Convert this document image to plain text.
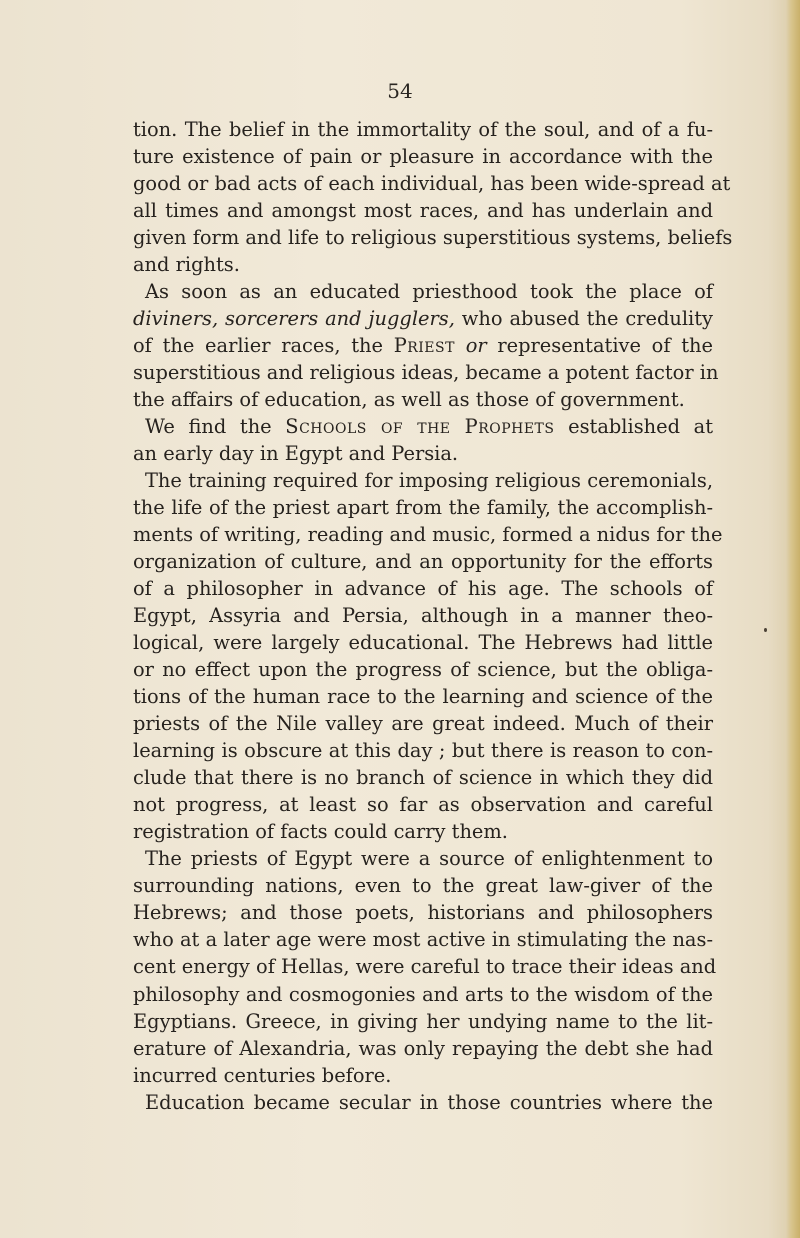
54
tion. The belief in the immortality of the soul, and of a fu-
ture existence of pain or pleasure in accordance with the
good or bad acts of each individual, has been wide-spread at
all times and amongst most races, and has underlain and
given form and life to religious superstitious systems, beliefs
and rights.
As soon as an educated priesthood took the place of
diviners, sorcerers and jugglers, who abused the credulity
of the earlier races, the Priest or representative of the
superstitious and religious ideas, became a potent factor in
the affairs of education, as well as those of government.
We find the Schools of the Prophets established at
an early day in Egypt and Persia.
The training required for imposing religious ceremonials,
the life of the priest apart from the family, the accomplish-
ments of writing, reading and music, formed a nidus for the
organization of culture, and an opportunity for the efforts
of a philosopher in advance of his age. The schools of
Egypt, Assyria and Persia, although in a manner theo-
logical, were largely educational. The Hebrews had little
or no effect upon the progress of science, but the obliga-
tions of the human race to the learning and science of the
priests of the Nile valley are great indeed. Much of their
learning is obscure at this day ; but there is reason to con-
clude that there is no branch of science in which they did
not progress, at least so far as observation and careful
registration of facts could carry them.
The priests of Egypt were a source of enlightenment to
surrounding nations, even to the great law-giver of the
Hebrews; and those poets, historians and philosophers
who at a later age were most active in stimulating the nas-
cent energy of Hellas, were careful to trace their ideas and
philosophy and cosmogonies and arts to the wisdom of the
Egyptians. Greece, in giving her undying name to the lit-
erature of Alexandria, was only repaying the debt she had
incurred centuries before.
Education became secular in those countries where the
